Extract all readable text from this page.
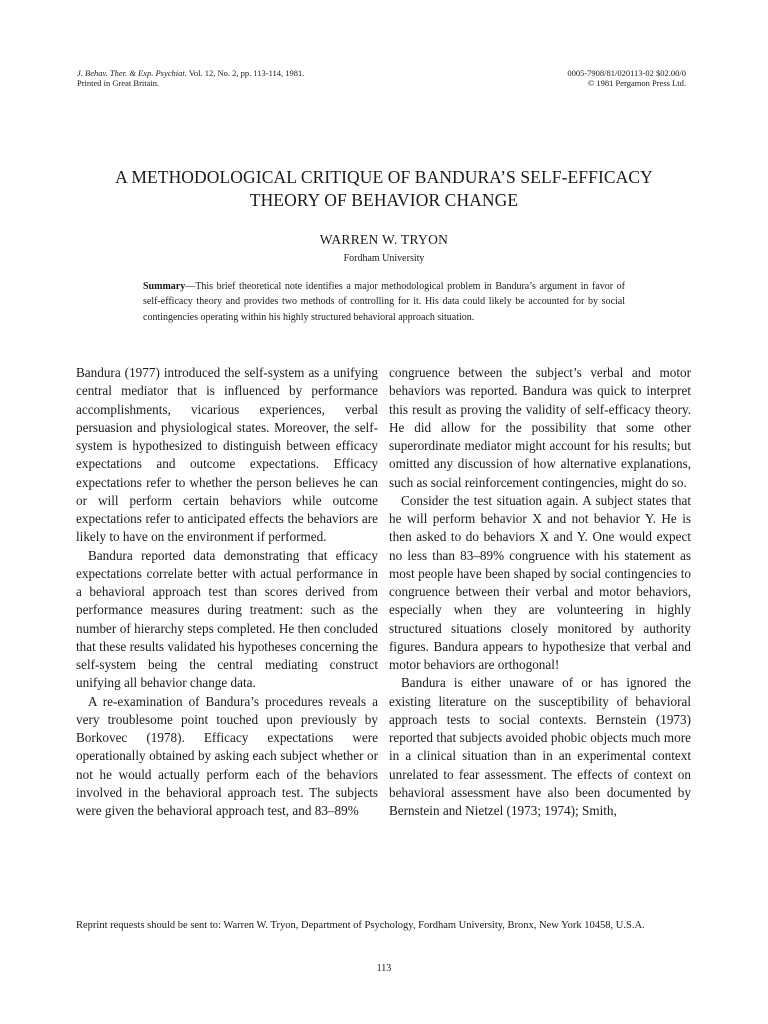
J. Behav. Ther. & Exp. Psychiat. Vol. 12, No. 2, pp. 113-114, 1981.
Printed in Great Britain.
0005-7908/81/020113-02 $02.00/0
© 1981 Pergamon Press Ltd.
A METHODOLOGICAL CRITIQUE OF BANDURA’S SELF-EFFICACY
THEORY OF BEHAVIOR CHANGE
WARREN W. TRYON
Fordham University
Summary—This brief theoretical note identifies a major methodological problem in Bandura’s argument in favor of self-efficacy theory and provides two methods of controlling for it. His data could likely be accounted for by social contingencies operating within his highly structured behavioral approach situation.

Bandura (1977) introduced the self-system as a unifying central mediator that is influenced by performance accomplishments, vicarious experiences, verbal persuasion and physiological states. Moreover, the self-system is hypothesized to distinguish between efficacy expectations and outcome expectations. Efficacy expectations refer to whether the person believes he can or will perform certain behaviors while outcome expectations refer to anticipated effects the behaviors are likely to have on the environment if performed.

Bandura reported data demonstrating that efficacy expectations correlate better with actual performance in a behavioral approach test than scores derived from performance measures during treatment: such as the number of hierarchy steps completed. He then concluded that these results validated his hypotheses concerning the self-system being the central mediating construct unifying all behavior change data.

A re-examination of Bandura’s procedures reveals a very troublesome point touched upon previously by Borkovec (1978). Efficacy expectations were operationally obtained by asking each subject whether or not he would actually perform each of the behaviors involved in the behavioral approach test. The subjects were given the behavioral approach test, and 83–89%

congruence between the subject’s verbal and motor behaviors was reported. Bandura was quick to interpret this result as proving the validity of self-efficacy theory. He did allow for the possibility that some other superordinate mediator might account for his results; but omitted any discussion of how alternative explanations, such as social reinforcement contingencies, might do so.

Consider the test situation again. A subject states that he will perform behavior X and not behavior Y. He is then asked to do behaviors X and Y. One would expect no less than 83–89% congruence with his statement as most people have been shaped by social contingencies to congruence between their verbal and motor behaviors, especially when they are volunteering in highly structured situations closely monitored by authority figures. Bandura appears to hypothesize that verbal and motor behaviors are orthogonal!

Bandura is either unaware of or has ignored the existing literature on the susceptibility of behavioral approach tests to social contexts. Bernstein (1973) reported that subjects avoided phobic objects much more in a clinical situation than in an experimental context unrelated to fear assessment. The effects of context on behavioral assessment have also been documented by Bernstein and Nietzel (1973; 1974); Smith,

Reprint requests should be sent to: Warren W. Tryon, Department of Psychology, Fordham University, Bronx, New York 10458, U.S.A.
113
